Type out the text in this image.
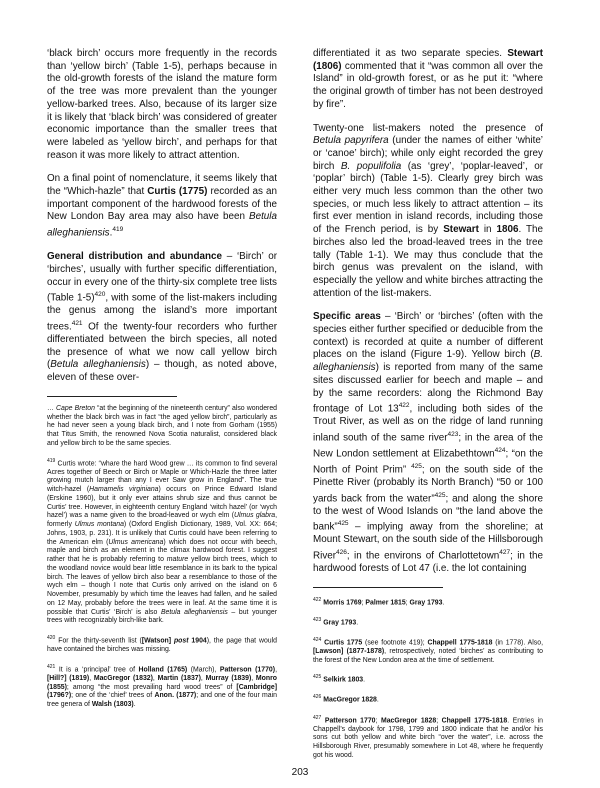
‘black birch’ occurs more frequently in the records than ‘yellow birch’ (Table 1-5), perhaps because in the old-growth forests of the island the mature form of the tree was more prevalent than the younger yellow-barked trees. Also, because of its larger size it is likely that ‘black birch’ was considered of greater economic importance than the smaller trees that were labeled as ‘yellow birch’, and perhaps for that reason it was more likely to attract attention.

On a final point of nomenclature, it seems likely that the “Which-hazle” that Curtis (1775) recorded as an important component of the hardwood forests of the New London Bay area may also have been Betula alleghaniensis.$^{419}$

General distribution and abundance – ‘Birch’ or ‘birches’, usually with further specific differentiation, occur in every one of the thirty-six complete tree lists (Table 1-5)$^{420}$, with some of the list-makers including the genus among the island’s more important trees.$^{421}$ Of the twenty-four recorders who further differentiated between the birch species, all noted the presence of what we now call yellow birch (Betula alleghaniensis) – though, as noted above, eleven of these over-

… Cape Breton “at the beginning of the nineteenth century” also wondered whether the black birch was in fact “the aged yellow birch”, particularly as he had never seen a young black birch, and I note from Gorham (1955) that Titus Smith, the renowned Nova Scotia naturalist, considered black and yellow birch to be the same species.

$^{419}$ Curtis wrote: “whare the hard Wood grew … its common to find several Acres together of Beech or Birch or Maple or Which-Hazle the three latter growing mutch larger than any I ever Saw grow in England”. The true witch-hazel (Hamamelis virginiana) occurs on Prince Edward Island (Erskine 1960), but it only ever attains shrub size and thus cannot be Curtis’ tree. However, in eighteenth century England ‘witch hazel’ (or ‘wych hazel’) was a name given to the broad-leaved or wych elm (Ulmus glabra, formerly Ulmus montana) (Oxford English Dictionary, 1989, Vol. XX: 664; Johns, 1903, p. 231). It is unlikely that Curtis could have been referring to the American elm (Ulmus americana) which does not occur with beech, maple and birch as an element in the climax hardwood forest. I suggest rather that he is probably referring to mature yellow birch trees, which to the woodland novice would bear little resemblance in its bark to the typical birch. The leaves of yellow birch also bear a resemblance to those of the wych elm – though I note that Curtis only arrived on the island on 6 November, presumably by which time the leaves had fallen, and he sailed on 12 May, probably before the trees were in leaf. At the same time it is possible that Curtis’ ‘Birch’ is also Betula alleghaniensis – but younger trees with recognizably birch-like bark.

$^{420}$ For the thirty-seventh list ([Watson] post 1904), the page that would have contained the birches was missing.

$^{421}$ It is a ‘principal’ tree of Holland (1765) (March), Patterson (1770), [Hill?] (1819), MacGregor (1832), Martin (1837), Murray (1839), Monro (1855); among “the most prevailing hard wood trees” of [Cambridge] (1796?); one of the ‘chief’ trees of Anon. (1877); and one of the four main tree genera of Walsh (1803).

differentiated it as two separate species. Stewart (1806) commented that it “was common all over the Island” in old-growth forest, or as he put it: “where the original growth of timber has not been destroyed by fire”.

Twenty-one list-makers noted the presence of Betula papyrifera (under the names of either ‘white’ or ‘canoe’ birch); while only eight recorded the grey birch B. populifolia (as ‘grey’, ‘poplar-leaved’, or ‘poplar’ birch) (Table 1-5). Clearly grey birch was either very much less common than the other two species, or much less likely to attract attention – its first ever mention in island records, including those of the French period, is by Stewart in 1806. The birches also led the broad-leaved trees in the tree tally (Table 1-1). We may thus conclude that the birch genus was prevalent on the island, with especially the yellow and white birches attracting the attention of the list-makers.

Specific areas – ‘Birch’ or ‘birches’ (often with the species either further specified or deducible from the context) is recorded at quite a number of different places on the island (Figure 1-9). Yellow birch (B. alleghaniensis) is reported from many of the same sites discussed earlier for beech and maple – and by the same recorders: along the Richmond Bay frontage of Lot $13^{422}$, including both sides of the Trout River, as well as on the ridge of land running inland south of the same river$^{423}$; in the area of the New London settlement at Elizabethtown$^{424}$; “on the North of Point Prim” $^{425}$; on the south side of the Pinette River (probably its North Branch) “50 or 100 yards back from the water”$^{425}$; and along the shore to the west of Wood Islands on “the land above the bank”$^{425}$ – implying away from the shoreline; at Mount Stewart, on the south side of the Hillsborough River$^{426}$; in the environs of Charlottetown$^{427}$; in the hardwood forests of Lot 47 (i.e. the lot containing

$^{422}$ Morris 1769; Palmer 1815; Gray 1793.

$^{423}$ Gray 1793.

$^{424}$ Curtis 1775 (see footnote 419); Chappell 1775-1818 (in 1778). Also, [Lawson] (1877-1878), retrospectively, noted ‘birches’ as contributing to the forest of the New London area at the time of settlement.

$^{425}$ Selkirk 1803.

$^{426}$ MacGregor 1828.

$^{427}$ Patterson 1770; MacGregor 1828; Chappell 1775-1818. Entries in Chappell’s daybook for 1798, 1799 and 1800 indicate that he and/or his sons cut both yellow and white birch “over the water”, i.e. across the Hillsborough River, presumably somewhere in Lot 48, where he frequently got his wood.

203
